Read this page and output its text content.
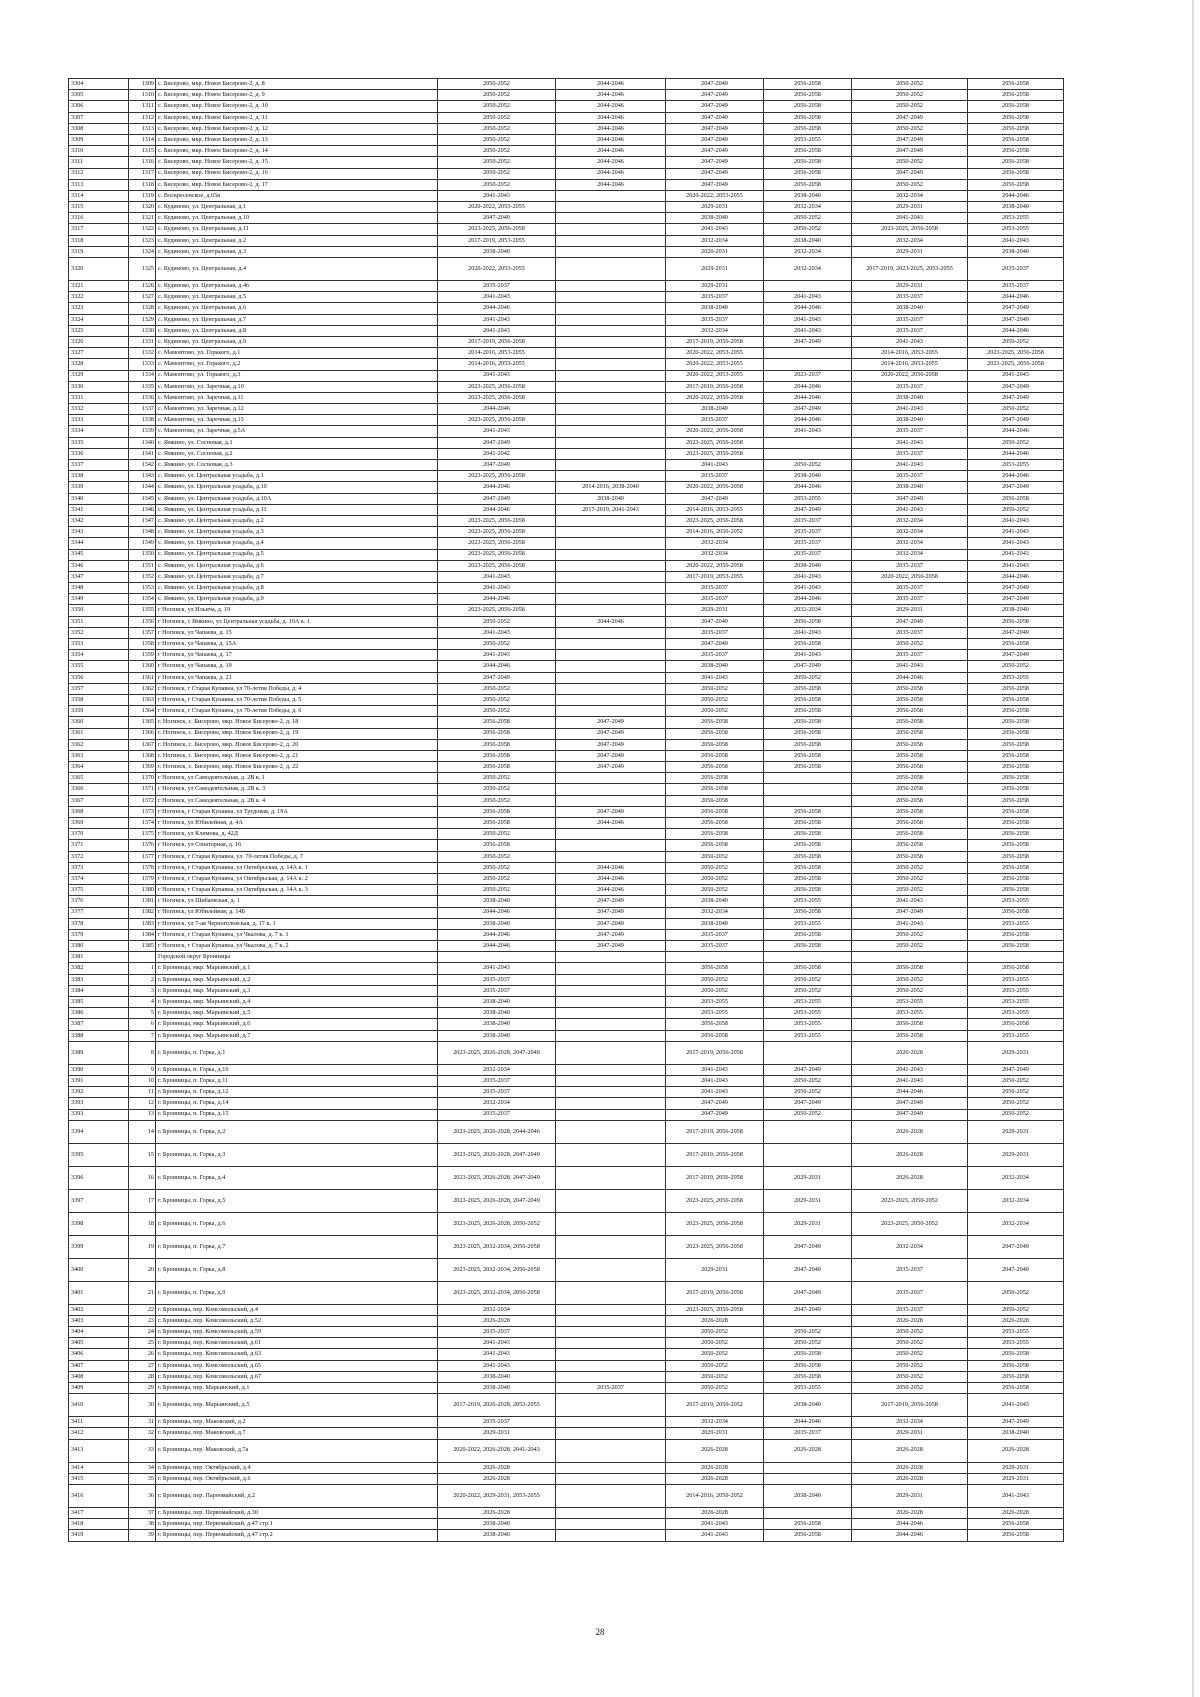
3304	1309	с. Бисерово, мкр. Новое Бисерово-2, д. 8	2050-2052	2044-2046	2047-2049	2056-2058	2050-2052	2056-2058
3305	1310	с. Бисерово, мкр. Новое Бисерово-2, д. 9	2050-2052	2044-2046	2047-2049	2056-2058	2050-2052	2056-2058
3306	1311	с. Бисерово, мкр. Новое Бисерово-2, д. 10	2050-2052	2044-2046	2047-2049	2056-2058	2050-2052	2056-2058
3307	1312	с. Бисерово, мкр. Новое Бисерово-2, д. 11	2050-2052	2044-2046	2047-2049	2056-2058	2047-2049	2056-2058
3308	1313	с. Бисерово, мкр. Новое Бисерово-2, д. 12	2050-2052	2044-2046	2047-2049	2056-2058	2050-2052	2056-2058
3309	1314	с. Бисерово, мкр. Новое Бисерово-2, д. 13	2050-2052	2044-2046	2047-2049	2053-2055	2047-2049	2056-2058
3310	1315	с. Бисерово, мкр. Новое Бисерово-2, д. 14	2050-2052	2044-2046	2047-2049	2056-2058	2047-2049	2056-2058
3311	1316	с. Бисерово, мкр. Новое Бисерово-2, д. 15	2050-2052	2044-2046	2047-2049	2056-2058	2050-2052	2056-2058
3312	1317	с. Бисерово, мкр. Новое Бисерово-2, д. 16	2050-2052	2044-2046	2047-2049	2056-2058	2047-2049	2056-2058
3313	1318	с. Бисерово, мкр. Новое Бисерово-2, д. 17	2050-2052	2044-2046	2047-2049	2056-2058	2050-2052	2056-2058
3314	1319	с. Воскресенское, д.65я	2041-2043		2020-2022, 2053-2055	2038-2040	2032-2034	2044-2046
3315	1320	с. Кудиново, ул. Центральная, д.1	2020-2022, 2053-2055		2029-2031	2032-2034	2029-2031	2038-2040
3316	1321	с. Кудиново, ул. Центральная, д.10	2047-2049		2038-2040	2050-2052	2041-2043	2053-2055
3317	1322	с. Кудиново, ул. Центральная, д.11	2023-2025, 2056-2058		2041-2043	2050-2052	2023-2025, 2056-2058	2053-2055
3318	1323	с. Кудиново, ул. Центральная, д.2	2017-2019, 2053-2055		2032-2034	2038-2040	2032-2034	2041-2043
3319	1324	с. Кудиново, ул. Центральная, д.3	2038-2040		2020-2031	2032-2034	2029-2031	2038-2040
3320	1325	с. Кудиново, ул. Центральная, д.4	2020-2022, 2053-2055		2029-2031	2032-2034	2017-2019, 2023-2025, 2053-2055	2035-2037
3321	1326	с. Кудиново, ул. Центральная, д.46	2035-2037		2029-2031		2029-2031	2035-2037
3322	1327	с. Кудиново, ул. Центральная, д.5	2041-2043		2035-2037	2041-2043	2035-2037	2044-2046
3323	1328	с. Кудиново, ул. Центральная, д.6	2044-2046		2038-2040	2044-2046	2038-2040	2047-2049
3324	1329	с. Кудиново, ул. Центральная, д.7	2041-2043		2035-2037	2041-2043	2035-2037	2047-2049
3325	1330	с. Кудиново, ул. Центральная, д.8	2041-2043		2032-2034	2041-2043	2035-2037	2044-2046
3326	1331	с. Кудиново, ул. Центральная, д.9	2017-2019, 2056-2058		2017-2019, 2056-2058	2047-2049	2041-2043	2050-2052
3327	1332	с. Мамонтово, ул. Горького, д.1	2014-2016, 2053-2055		2020-2022, 2053-2055		2014-2016, 2053-2055	2023-2025, 2056-2058
3328	1333	с. Мамонтово, ул. Горького, д.2	2014-2016, 2053-2055		2020-2022, 2053-2055		2014-2016, 2053-2055	2023-2025, 2056-2058
3329	1334	с. Мамонтово, ул. Горького, д.3	2041-2043		2020-2022, 2053-2055	2023-2037	2020-2022, 2056-2058	2041-2043
3330	1335	с. Мамонтово, ул. Заречная, д.10	2023-2025, 2056-2058		2017-2019, 2056-2058	2044-2046	2035-2037	2047-2049
3331	1336	с. Мамонтово, ул. Заречная, д.11	2023-2025, 2056-2058		2020-2022, 2056-2058	2044-2046	2038-2040	2047-2049
3332	1337	с. Мамонтово, ул. Заречная, д.12	2044-2046		2038-2040	2047-2049	2041-2043	2050-2052
3333	1338	с. Мамонтово, ул. Заречная, д.15	2023-2025, 2056-2058		2035-2037	2044-2046	2038-2040	2047-2049
3334	1339	с. Мамонтово, ул. Заречная, д.5А	2041-2043		2020-2022, 2056-2058	2041-2043	2035-2037	2044-2046
3335	1340	с. Ямкино, ул. Сосновая, д.1	2047-2049		2023-2025, 2056-2058		2041-2043	2050-2052
3336	1341	с. Ямкино, ул. Сосновая, д.2	2041-2042		2023-2025, 2056-2058		2035-2037	2044-2046
3337	1342	с. Ямкино, ул. Сосновая, д.3	2047-2049		2041-2043	2050-2052	2041-2043	2053-2055
3338	1343	с. Ямкино, ул. Центральная усадьба, д.1	2023-2025, 2056-2058		2035-2037	2038-2040	2035-2037	2044-2046
3339	1344	с. Ямкино, ул. Центральная усадьба, д.10	2044-2046	2014-2016, 2038-2040	2020-2022, 2056-2058	2044-2046	2038-2040	2047-2049
3340	1345	с. Ямкино, ул. Центральная усадьба, д.10А	2047-2049	2038-2040	2047-2049	2053-2055	2047-2049	2056-2058
3341	1346	с. Ямкино, ул. Центральная усадьба, д.11	2044-2046	2017-2019, 2041-2043	2014-2016, 2053-2055	2047-2049	2041-2043	2050-2052
3342	1347	с. Ямкино, ул. Центральная усадьба, д.2	2023-2025, 2056-2058		2023-2025, 2056-2058	2035-2037	2032-2034	2041-2043
3343	1348	с. Ямкино, ул. Центральная усадьба, д.3	2023-2025, 2056-2058		2014-2016, 2050-2052	2035-2037	2032-2034	2041-2043
3344	1349	с. Ямкино, ул. Центральная усадьба, д.4	2023-2025, 2056-2058		2032-2034	2035-2037	2032-2034	2041-2043
3345	1350	с. Ямкино, ул. Центральная усадьба, д.5	2023-2025, 2056-2058		2032-2034	2035-2037	2032-2034	2041-2043
3346	1351	с. Ямкино, ул. Центральная усадьба, д.6	2023-2025, 2056-2058		2020-2022, 2056-2058	2038-2040	2035-2037	2041-2043
3347	1352	с. Ямкино, ул. Центральная усадьба, д.7	2041-2043		2017-2019, 2053-2055	2041-2043	2020-2022, 2056-2058	2044-2046
3348	1353	с. Ямкино, ул. Центральная усадьба, д.8	2041-2043		2035-2037	2041-2043	2035-2037	2047-2049
3349	1354	с. Ямкино, ул. Центральная усадьба, д.9	2044-2046		2035-2037	2044-2046	2035-2037	2047-2049
3350	1355	г Ногинск, ул Ильича, д. 19	2023-2025, 2056-2058		2029-2031	2032-2034	2029-2031	2038-2040
3351	1356	г Ногинск, с Ямкино, ул Центральная усадьба, д. 10А к. 1	2050-2052	2044-2046	2047-2049	2056-2058	2047-2049	2056-2058
3352	1357	г Ногинск, ул Чапаева, д. 15	2041-2043		2035-2037	2041-2043	2035-2037	2047-2049
3353	1358	г Ногинск, ул Чапаева, д. 15А	2050-2052		2047-2049	2056-2058	2050-2052	2056-2058
3354	1359	г Ногинск, ул Чапаева, д. 17	2041-2043		2035-2037	2041-2043	2035-2037	2047-2049
3355	1360	г Ногинск, ул Чапаева, д. 19	2044-2046		2038-2040	2047-2049	2041-2043	2050-2052
3356	1361	г Ногинск, ул Чапаева, д. 21	2047-2049		2041-2043	2050-2052	2044-2046	2053-2055
3357	1362	г Ногинск, г Старая Купавна, ул 70-летия Победы, д. 4	2050-2052		2050-2052	2056-2058	2056-2058	2056-2058
3358	1363	г Ногинск, г Старая Купавна, ул 70-летия Победы, д. 5	2050-2052		2050-2052	2056-2058	2056-2058	2056-2058
3359	1364	г Ногинск, г Старая Купавна, ул 70-летия Победы, д. 6	2050-2052		2050-2052	2056-2058	2056-2058	2056-2058
3360	1365	г. Ногинск, с. Бисерово, мкр. Новое Бисерово-2, д. 18	2056-2058	2047-2049	2056-2058	2056-2058	2056-2058	2056-2058
3361	1366	г. Ногинск, с. Бисерово, мкр. Новое Бисерово-2, д. 19	2056-2058	2047-2049	2056-2058	2056-2058	2056-2058	2056-2058
3362	1367	г. Ногинск, с. Бисерово, мкр. Новое Бисерово-2, д. 20	2056-2058	2047-2049	2056-2058	2056-2058	2056-2058	2056-2058
3363	1368	г. Ногинск, с. Бисерово, мкр. Новое Бисерово-2, д. 21	2056-2058	2047-2049	2056-2058	2056-2058	2056-2058	2056-2058
3364	1369	г. Ногинск, с. Бисерово, мкр. Новое Бисерово-2, д. 22	2056-2058	2047-2049	2056-2058	2056-2058	2056-2058	2056-2058
3365	1370	г Ногинск, ул Самодеятельная, д. 2В к. 1	2050-2052		2056-2058		2056-2058	2056-2058
3366	1371	г Ногинск, ул Самодеятельная, д. 2В к. 3	2050-2052		2056-2058		2056-2058	2056-2058
3367	1372	г Ногинск, ул Самодеятельная, д. 2В к. 4	2050-2052		2056-2058		2056-2058	2056-2058
3368	1373	г Ногинск, г Старая Купавна, ул Трудовая, д. 19А	2056-2058	2047-2049	2056-2058	2056-2058	2056-2058	2056-2058
3369	1374	г Ногинск, ул Юбилейная, д. 4А	2056-2058	2044-2046	2056-2058	2056-2058	2056-2058	2056-2058
3370	1375	г Ногинск, ул Климова, д. 42Д	2050-2052		2056-2058	2056-2058	2056-2058	2056-2058
3371	1376	г Ногинск, ул Сенаторная, д. 16	2056-2058		2056-2058	2056-2058	2056-2058	2056-2058
3372	1377	г Ногинск, г Старая Купавна, ул. 70-летия Победы, д. 7	2050-2052		2050-2052	2056-2058	2056-2058	2056-2058
3373	1378	г Ногинск, г Старая Купавна, ул Октябрьская, д. 14А к. 1	2050-2052	2044-2046	2050-2052	2056-2058	2050-2052	2056-2058
3374	1379	г Ногинск, г Старая Купавна, ул Октябрьская, д. 14А к. 2	2050-2052	2044-2046	2050-2052	2056-2058	2050-2052	2056-2058
3375	1380	г Ногинск, г Старая Купавна, ул Октябрьская, д. 14А к. 3	2050-2052	2044-2046	2050-2052	2056-2058	2050-2052	2056-2058
3376	1381	г Ногинск, ул Шибаевская, д. 1	2038-2040	2047-2049	2038-2040	2053-2055	2041-2043	2053-2055
3377	1382	г Ногинск, ул Юбилейная, д. 14Б	2044-2046	2047-2049	2032-2034	2056-2058	2047-2049	2056-2058
3378	1383	г Ногинск, ул 7-ая Черноголовская, д. 17 к. 1	2038-2040	2047-2049	2038-2040	2053-2055	2041-2043	2053-2055
3379	1384	г Ногинск, г Старая Купавна, ул Чкалова, д. 7 к. 1	2044-2046	2047-2049	2035-2037	2056-2058	2050-2052	2056-2058
3380	1385	г Ногинск, г Старая Купавна, ул Чкалова, д. 7 к. 2	2044-2046	2047-2049	2035-2037	2056-2058	2050-2052	2056-2058
3381		Городской округ Бронницы						
3382	1	г. Бронницы, мкр. Марьинский, д.1	2041-2043		2056-2058	2056-2058	2056-2058	2056-2058
3383	2	г. Бронницы, мкр. Марьинский, д.2	2035-2037		2050-2052	2050-2052	2050-2052	2053-2055
3384	3	г. Бронницы, мкр. Марьинский, д.3	2035-2037		2050-2052	2050-2052	2050-2052	2053-2055
3385	4	г. Бронницы, мкр. Марьинский, д.4	2038-2040		2053-2055	2053-2055	2053-2055	2053-2055
3386	5	г. Бронницы, мкр. Марьинский, д.5	2038-2040		2053-2055	2053-2055	2053-2055	2053-2055
3387	6	г. Бронницы, мкр. Марьинский, д.6	2038-2040		2056-2058	2053-2055	2056-2058	2056-2058
3388	7	г. Бронницы, мкр. Марьинский, д.7	2038-2040		2056-2058	2053-2055	2056-2058	2053-2055
3389	8	г. Бронницы, п. Горка, д.1	2023-2025, 2026-2028, 2047-2049		2017-2019, 2056-2058		2026-2028	2029-2031
3390	9	г. Бронницы, п. Горка, д.10	2032-2034		2041-2043	2047-2049	2041-2043	2047-2049
3391	10	г. Бронницы, п. Горка, д.11	2035-2037		2041-2043	2050-2052	2041-2043	2050-2052
3392	11	г. Бронницы, п. Горка, д.12	2035-2037		2041-2043	2050-2052	2044-2046	2050-2052
3393	12	г. Бронницы, п. Горка, д.14	2032-2034		2047-2049	2047-2049	2047-2049	2050-2052
3393	13	г. Бронницы, п. Горка, д.15	2035-2037		2047-2049	2050-2052	2047-2049	2050-2052
3394	14	г. Бронницы, п. Горка, д.2	2023-2025, 2026-2028, 2044-2046		2017-2019, 2056-2058		2026-2028	2029-2031
3395	15	г. Бронницы, п. Горка, д.3	2023-2025, 2026-2028, 2047-2049		2017-2019, 2056-2058		2026-2028	2029-2031
3396	16	г. Бронницы, п. Горка, д.4	2023-2025, 2026-2028, 2047-2049		2017-2019, 2056-2058	2029-2031	2026-2028	2032-2034
3397	17	г. Бронницы, п. Горка, д.5	2023-2025, 2026-2028, 2047-2049		2023-2025, 2056-2058	2029-2031	2023-2025, 2050-2052	2032-2034
3398	18	г. Бронницы, п. Горка, д.6	2023-2025, 2026-2028, 2050-2052		2023-2025, 2056-2058	2029-2031	2023-2025, 2050-2052	2032-2034
3399	19	г. Бронницы, п. Горка, д.7	2023-2025, 2032-2034, 2056-2058		2023-2025, 2056-2058	2047-2049	2032-2034	2047-2049
3400	20	г. Бронницы, п. Горка, д.8	2023-2025, 2032-2034, 2056-2058		2029-2031	2047-2049	2035-2037	2047-2049
3401	21	г. Бронницы, п. Горка, д.9	2023-2025, 2032-2034, 2056-2058		2017-2019, 2056-2058	2047-2049	2035-2037	2050-2052
3402	22	г. Бронницы, пер. Комсомольский, д.4	2032-2034		2023-2025, 2056-2058	2047-2049	2035-2037	2050-2052
3403	23	г. Бронницы, пер. Комсомольский, д.52	2026-2028		2026-2028		2026-2028	2026-2028
3404	24	г. Бронницы, пер. Комсомольский, д.59	2035-2037		2050-2052	2050-2052	2050-2052	2053-2055
3405	25	г. Бронницы, пер. Комсомольский, д.61	2041-2043		2050-2052	2050-2052	2050-2052	2053-2055
3406	26	г. Бронницы, пер. Комсомольский, д.63	2041-2043		2050-2052	2056-2058	2050-2052	2056-2058
3407	27	г. Бронницы, пер. Комсомольский, д.65	2041-2043		2050-2052	2056-2058	2050-2052	2056-2058
3408	28	г. Бронницы, пер. Комсомольский, д.67	2038-2040		2050-2052	2056-2058	2050-2052	2056-2058
3409	29	г. Бронницы, пер. Марьинский, д.1	2038-2040	2035-2037	2050-2052	2053-2055	2050-2052	2056-2058
3410	30	г. Бронницы, пер. Марьинский, д.5	2017-2019, 2026-2028, 2053-2055		2017-2019, 2050-2052	2038-2040	2017-2019, 2056-2058	2041-2043
3411	31	г. Бронницы, пер. Маковский, д.2	2035-2037		2032-2034	2044-2046	2032-2034	2047-2049
3412	32	г. Бронницы, пер. Маковский, д.7	2029-2031		2029-2031	2035-2037	2029-2031	2038-2040
3413	33	г. Бронницы, пер. Маковский, д.7а	2020-2022, 2026-2028, 2041-2043		2026-2028	2026-2028	2026-2028	2026-2028
3414	34	г. Бронницы, пер. Октябрьский, д.4	2026-2028		2026-2028		2026-2028	2029-2031
3415	35	г. Бронницы, пер. Октябрьский, д.6	2026-2028		2026-2028		2026-2028	2029-2031
3416	36	г. Бронницы, пер. Пароомайский, д.2	2020-2022, 2029-2031, 2053-2055		2014-2016, 2050-2052	2038-2040	2029-2031	2041-2043
3417	37	г. Бронницы, пер. Первомайский, д.30	2026-2028		2026-2028		2026-2028	2026-2028
3418	38	г. Бронницы, пер. Первомайский, д.47 стр.1	2038-2040		2041-2043	2056-2058	2044-2046	2056-2058
3419	39	г. Бронницы, пер. Первомайский, д.47 стр.2	2038-2040		2041-2043	2056-2058	2044-2046	2056-2058
28
